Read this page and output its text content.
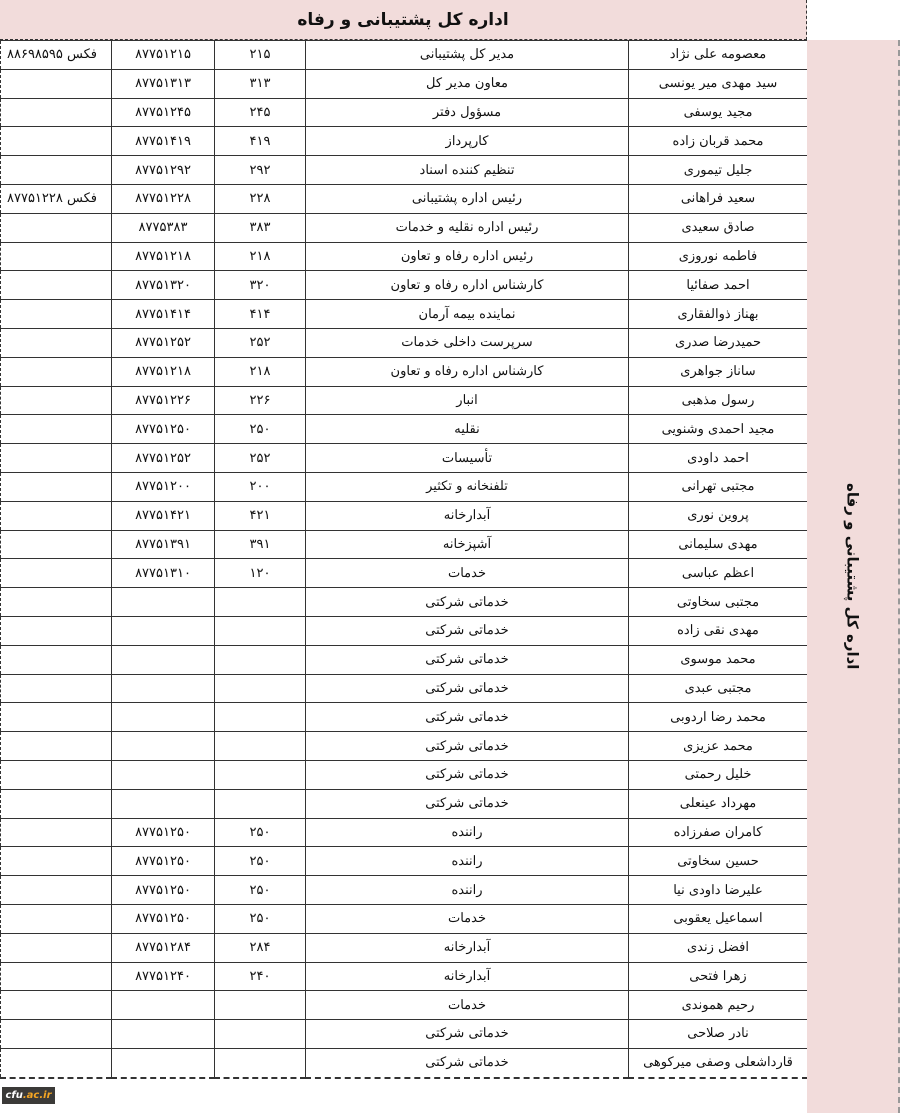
اداره کل پشتیبانی و رفاه
معصومه علی نژاد	مدیر کل پشتیبانی	۲۱۵	۸۷۷۵۱۲۱۵	فکس ۸۸۶۹۸۵۹۵
سید مهدی میر یونسی	معاون مدیر کل	۳۱۳	۸۷۷۵۱۳۱۳	
مجید یوسفی	مسؤول دفتر	۲۴۵	۸۷۷۵۱۲۴۵	
محمد قربان زاده	کارپرداز	۴۱۹	۸۷۷۵۱۴۱۹	
جلیل تیموری	تنظیم کننده اسناد	۲۹۲	۸۷۷۵۱۲۹۲	
سعید فراهانی	رئیس اداره پشتیبانی	۲۲۸	۸۷۷۵۱۲۲۸	فکس ۸۷۷۵۱۲۲۸
صادق سعیدی	رئیس اداره نقلیه و خدمات	۳۸۳	۸۷۷۵۳۸۳	
فاطمه نوروزی	رئیس اداره رفاه و تعاون	۲۱۸	۸۷۷۵۱۲۱۸	
احمد صفائیا	کارشناس اداره رفاه و تعاون	۳۲۰	۸۷۷۵۱۳۲۰	
بهناز ذوالفقاری	نماینده بیمه آرمان	۴۱۴	۸۷۷۵۱۴۱۴	
حمیدرضا صدری	سرپرست داخلی خدمات	۲۵۲	۸۷۷۵۱۲۵۲	
ساناز جواهری	کارشناس اداره رفاه و تعاون	۲۱۸	۸۷۷۵۱۲۱۸	
رسول مذهبی	انبار	۲۲۶	۸۷۷۵۱۲۲۶	
مجید احمدی وشنویی	نقلیه	۲۵۰	۸۷۷۵۱۲۵۰	
احمد داودی	تأسیسات	۲۵۲	۸۷۷۵۱۲۵۲	
مجتبی تهرانی	تلفنخانه و تکثیر	۲۰۰	۸۷۷۵۱۲۰۰	
پروین نوری	آبدارخانه	۴۲۱	۸۷۷۵۱۴۲۱	
مهدی سلیمانی	آشپزخانه	۳۹۱	۸۷۷۵۱۳۹۱	
اعظم عباسی	خدمات	۱۲۰	۸۷۷۵۱۳۱۰	
مجتبی سخاوتی	خدماتی شرکتی			
مهدی نقی زاده	خدماتی شرکتی			
محمد موسوی	خدماتی شرکتی			
مجتبی عبدی	خدماتی شرکتی			
محمد رضا اردوبی	خدماتی شرکتی			
محمد عزیزی	خدماتی شرکتی			
خلیل رحمتی	خدماتی شرکتی			
مهرداد عینعلی	خدماتی شرکتی			
کامران صفرزاده	راننده	۲۵۰	۸۷۷۵۱۲۵۰	
حسین سخاوتی	راننده	۲۵۰	۸۷۷۵۱۲۵۰	
علیرضا داودی نیا	راننده	۲۵۰	۸۷۷۵۱۲۵۰	
اسماعیل یعقوبی	خدمات	۲۵۰	۸۷۷۵۱۲۵۰	
افضل زندی	آبدارخانه	۲۸۴	۸۷۷۵۱۲۸۴	
زهرا فتحی	آبدارخانه	۲۴۰	۸۷۷۵۱۲۴۰	
رحیم هموندی	خدمات			
نادر صلاحی	خدماتی شرکتی			
قارداشعلی وصفی میرکوهی	خدماتی شرکتی			
اداره کل پشتیبانی و رفاه
cfu .ac.ir
